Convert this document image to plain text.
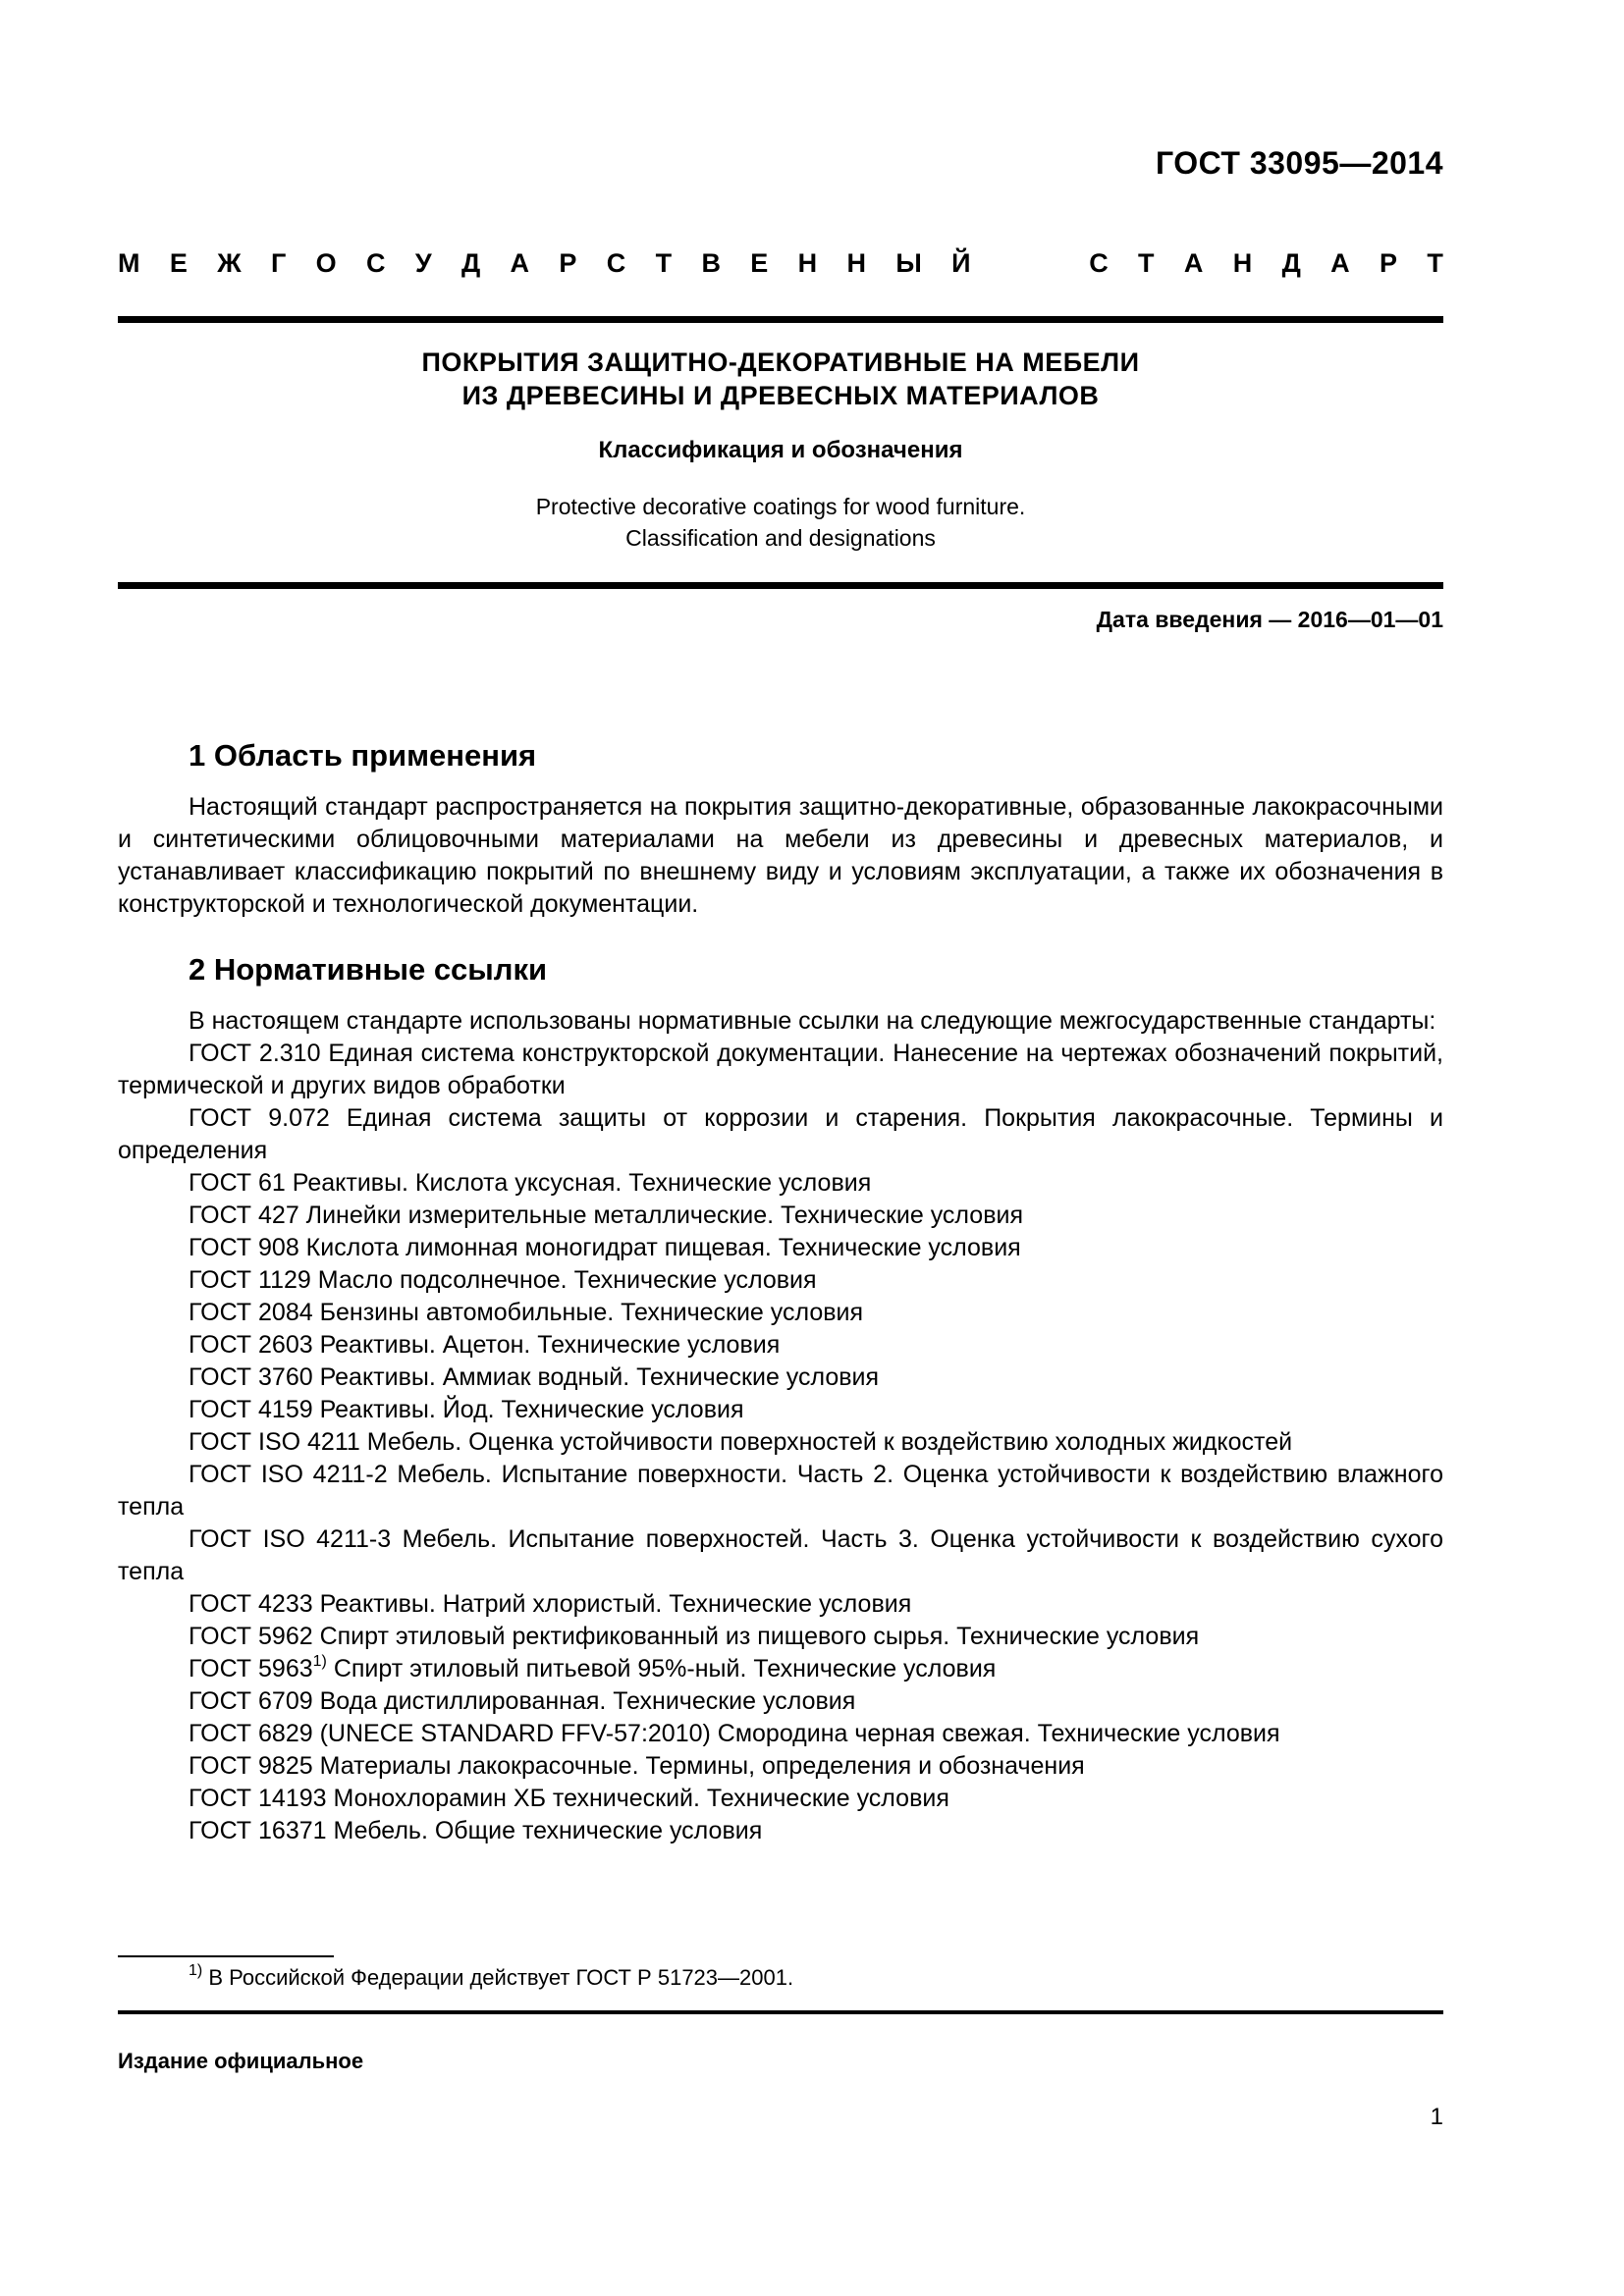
ГОСТ 33095—2014
М Е Ж Г О С У Д А Р С Т В Е Н Н Ы Й	С Т А Н Д А Р Т
ПОКРЫТИЯ ЗАЩИТНО-ДЕКОРАТИВНЫЕ НА МЕБЕЛИ
ИЗ ДРЕВЕСИНЫ И ДРЕВЕСНЫХ МАТЕРИАЛОВ
Классификация и обозначения
Protective decorative coatings for wood furniture.
Classification and designations
Дата введения — 2016—01—01
1 Область применения

Настоящий стандарт распространяется на покрытия защитно-декоративные, образованные лакокрасочными и синтетическими облицовочными материалами на мебели из древесины и древесных материалов, и устанавливает классификацию покрытий по внешнему виду и условиям эксплуатации, а также их обозначения в конструкторской и технологической документации.

2 Нормативные ссылки

В настоящем стандарте использованы нормативные ссылки на следующие межгосударственные стандарты:

ГОСТ 2.310 Единая система конструкторской документации. Нанесение на чертежах обозначений покрытий, термической и других видов обработки

ГОСТ 9.072 Единая система защиты от коррозии и старения. Покрытия лакокрасочные. Термины и определения

ГОСТ 61 Реактивы. Кислота уксусная. Технические условия

ГОСТ 427 Линейки измерительные металлические. Технические условия

ГОСТ 908 Кислота лимонная моногидрат пищевая. Технические условия

ГОСТ 1129 Масло подсолнечное. Технические условия

ГОСТ 2084 Бензины автомобильные. Технические условия

ГОСТ 2603 Реактивы. Ацетон. Технические условия

ГОСТ 3760 Реактивы. Аммиак водный. Технические условия

ГОСТ 4159 Реактивы. Йод. Технические условия

ГОСТ ISO 4211 Мебель. Оценка устойчивости поверхностей к воздействию холодных жидкостей

ГОСТ ISO 4211-2 Мебель. Испытание поверхности. Часть 2. Оценка устойчивости к воздействию влажного тепла

ГОСТ ISO 4211-3 Мебель. Испытание поверхностей. Часть 3. Оценка устойчивости к воздействию сухого тепла

ГОСТ 4233 Реактивы. Натрий хлористый. Технические условия

ГОСТ 5962 Спирт этиловый ректификованный из пищевого сырья. Технические условия

ГОСТ 5963$^{1)}$ Спирт этиловый питьевой 95%-ный. Технические условия

ГОСТ 6709 Вода дистиллированная. Технические условия

ГОСТ 6829 (UNECE STANDARD FFV-57:2010) Смородина черная свежая. Технические условия

ГОСТ 9825 Материалы лакокрасочные. Термины, определения и обозначения

ГОСТ 14193 Монохлорамин ХБ технический. Технические условия

ГОСТ 16371 Мебель. Общие технические условия

$^{1)}$ В Российской Федерации действует ГОСТ Р 51723—2001.
Издание официальное
1
